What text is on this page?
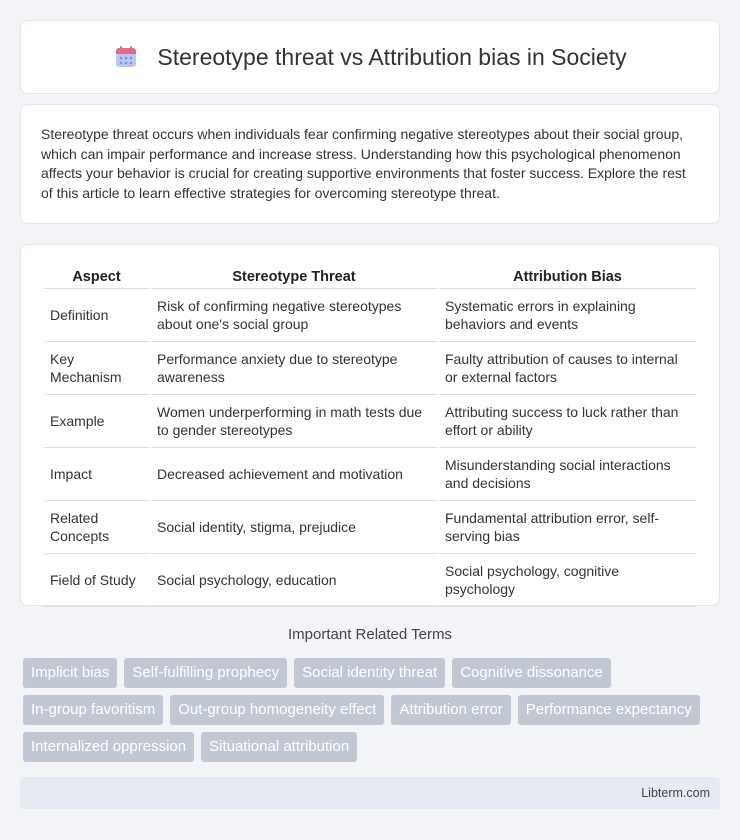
Stereotype threat vs Attribution bias in Society

Stereotype threat occurs when individuals fear confirming negative stereotypes about their social group, which can impair performance and increase stress. Understanding how this psychological phenomenon affects your behavior is crucial for creating supportive environments that foster success. Explore the rest of this article to learn effective strategies for overcoming stereotype threat.

Aspect	Stereotype Threat	Attribution Bias
Definition	Risk of confirming negative stereotypes about one's social group	Systematic errors in explaining behaviors and events
Key Mechanism	Performance anxiety due to stereotype awareness	Faulty attribution of causes to internal or external factors
Example	Women underperforming in math tests due to gender stereotypes	Attributing success to luck rather than effort or ability
Impact	Decreased achievement and motivation	Misunderstanding social interactions and decisions
Related Concepts	Social identity, stigma, prejudice	Fundamental attribution error, self-serving bias
Field of Study	Social psychology, education	Social psychology, cognitive psychology
Important Related Terms
Implicit bias	Self-fulfilling prophecy	Social identity threat	Cognitive dissonance
In-group favoritism	Out-group homogeneity effect	Attribution error	Performance expectancy
Internalized oppression	Situational attribution
Libterm.com
